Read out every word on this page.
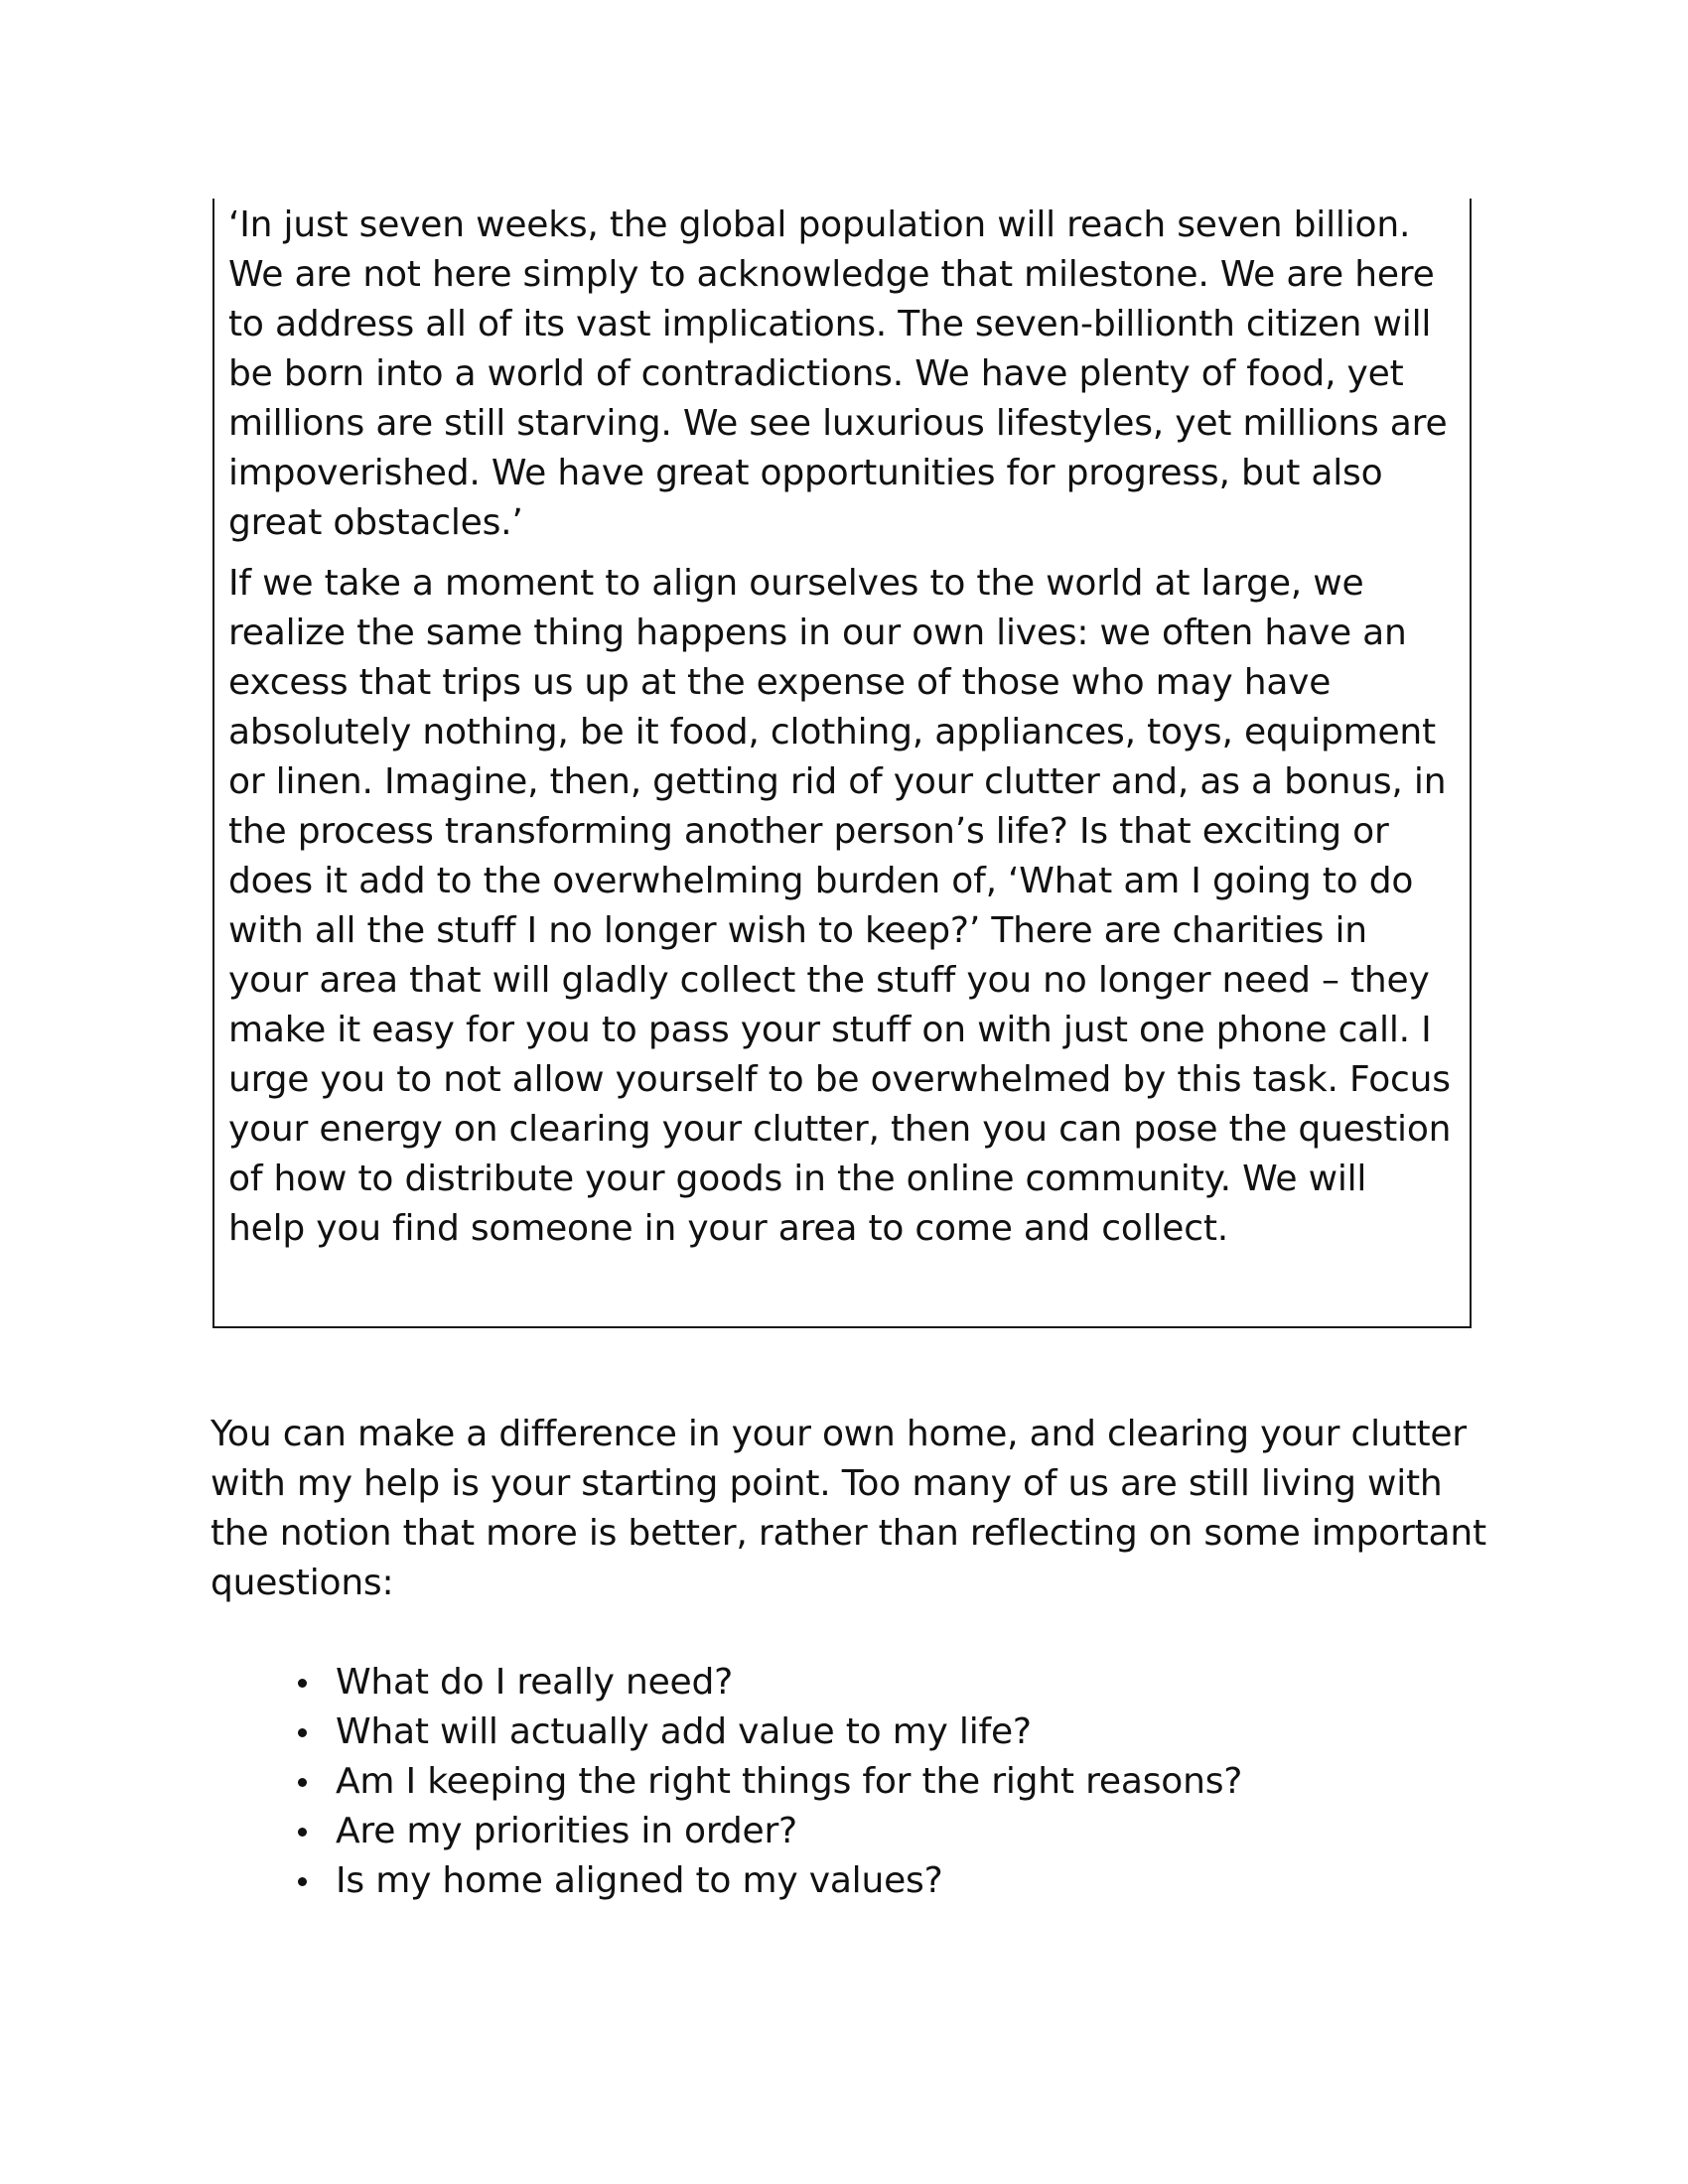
‘In just seven weeks, the global population will reach seven billion. We are not here simply to acknowledge that milestone. We are here to address all of its vast implications. The seven-billionth citizen will be born into a world of contradictions. We have plenty of food, yet millions are still starving. We see luxurious lifestyles, yet millions are impoverished. We have great opportunities for progress, but also great obstacles.’

If we take a moment to align ourselves to the world at large, we realize the same thing happens in our own lives: we often have an excess that trips us up at the expense of those who may have absolutely nothing, be it food, clothing, appliances, toys, equipment or linen. Imagine, then, getting rid of your clutter and, as a bonus, in the process transforming another person’s life? Is that exciting or does it add to the overwhelming burden of, ‘What am I going to do with all the stuff I no longer wish to keep?’ There are charities in your area that will gladly collect the stuff you no longer need – they make it easy for you to pass your stuff on with just one phone call. I urge you to not allow yourself to be overwhelmed by this task. Focus your energy on clearing your clutter, then you can pose the question of how to distribute your goods in the online community. We will help you find someone in your area to come and collect.

You can make a difference in your own home, and clearing your clutter with my help is your starting point. Too many of us are still living with the notion that more is better, rather than reflecting on some important questions:

What do I really need?
What will actually add value to my life?
Am I keeping the right things for the right reasons?
Are my priorities in order?
Is my home aligned to my values?
